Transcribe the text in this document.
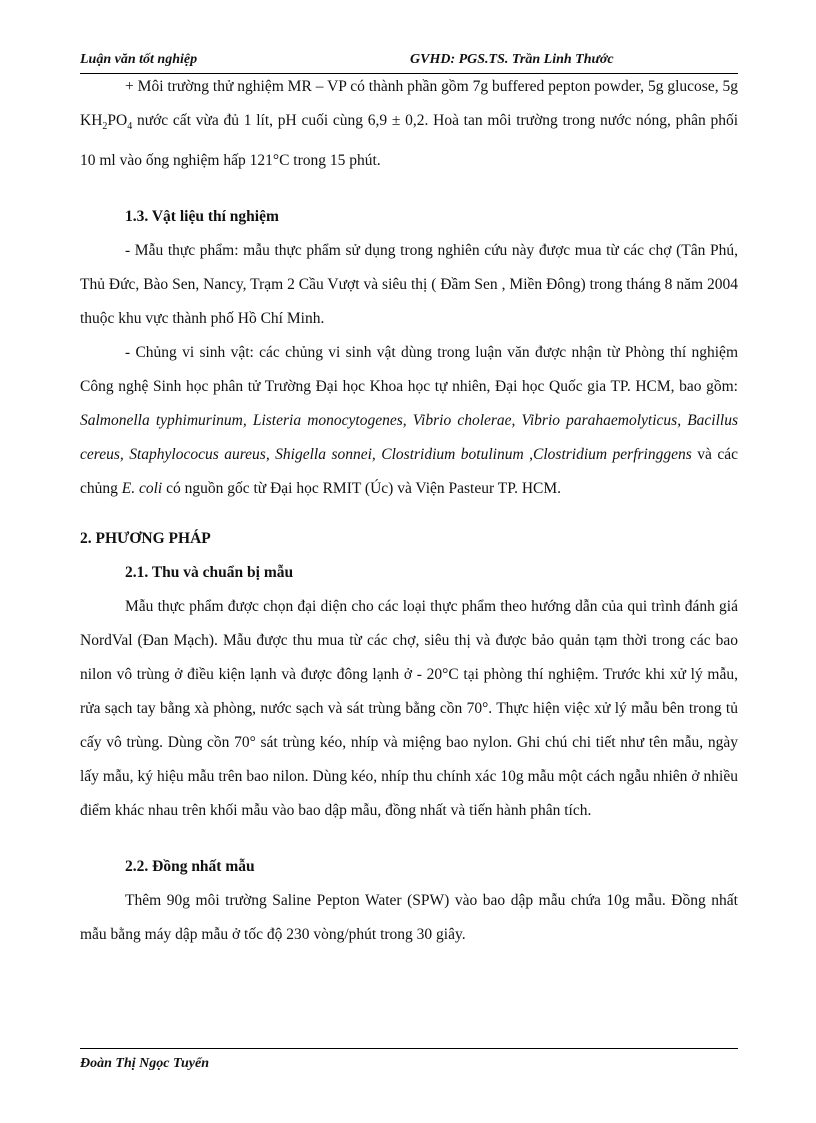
Luận văn tốt nghiệp	GVHD: PGS.TS. Trần Linh Thước

+ Môi trường thử nghiệm MR – VP có thành phần gồm 7g buffered pepton powder, 5g glucose, 5g $KH_2PO_4$ nước cất vừa đủ 1 lít, pH cuối cùng 6,9 ± 0,2. Hoà tan môi trường trong nước nóng, phân phối 10 ml vào ống nghiệm hấp 121°C trong 15 phút.

1.3. Vật liệu thí nghiệm

- Mẫu thực phẩm: mẫu thực phẩm sử dụng trong nghiên cứu này được mua từ các chợ (Tân Phú, Thủ Đức, Bào Sen, Nancy, Trạm 2 Cầu Vượt và siêu thị ( Đầm Sen , Miền Đông) trong tháng 8 năm 2004 thuộc khu vực thành phố Hồ Chí Minh.

- Chủng vi sinh vật: các chủng vi sinh vật dùng trong luận văn được nhận từ Phòng thí nghiệm Công nghệ Sinh học phân tử Trường Đại học Khoa học tự nhiên, Đại học Quốc gia TP. HCM, bao gồm: Salmonella typhimurinum, Listeria monocytogenes, Vibrio cholerae, Vibrio parahaemolyticus, Bacillus cereus, Staphylococus aureus, Shigella sonnei, Clostridium botulinum ,Clostridium perfringgens và các chủng E. coli có nguồn gốc từ Đại học RMIT (Úc) và Viện Pasteur TP. HCM.

2. PHƯƠNG PHÁP

2.1. Thu và chuẩn bị mẫu

Mẫu thực phẩm được chọn đại diện cho các loại thực phẩm theo hướng dẫn của qui trình đánh giá NordVal (Đan Mạch). Mẫu được thu mua từ các chợ, siêu thị và được bảo quản tạm thời trong các bao nilon vô trùng ở điều kiện lạnh và được đông lạnh ở - 20°C tại phòng thí nghiệm. Trước khi xử lý mẫu, rửa sạch tay bằng xà phòng, nước sạch và sát trùng bằng cồn 70°. Thực hiện việc xử lý mẫu bên trong tủ cấy vô trùng. Dùng cồn 70° sát trùng kéo, nhíp và miệng bao nylon. Ghi chú chi tiết như tên mẫu, ngày lấy mẫu, ký hiệu mẫu trên bao nilon. Dùng kéo, nhíp thu chính xác 10g mẫu một cách ngẫu nhiên ở nhiều điểm khác nhau trên khối mẫu vào bao dập mẫu, đồng nhất và tiến hành phân tích.

2.2. Đồng nhất mẫu

Thêm 90g môi trường Saline Pepton Water (SPW) vào bao dập mẫu chứa 10g mẫu. Đồng nhất mẫu bằng máy dập mẫu ở tốc độ 230 vòng/phút trong 30 giây.

Đoàn Thị Ngọc Tuyển
